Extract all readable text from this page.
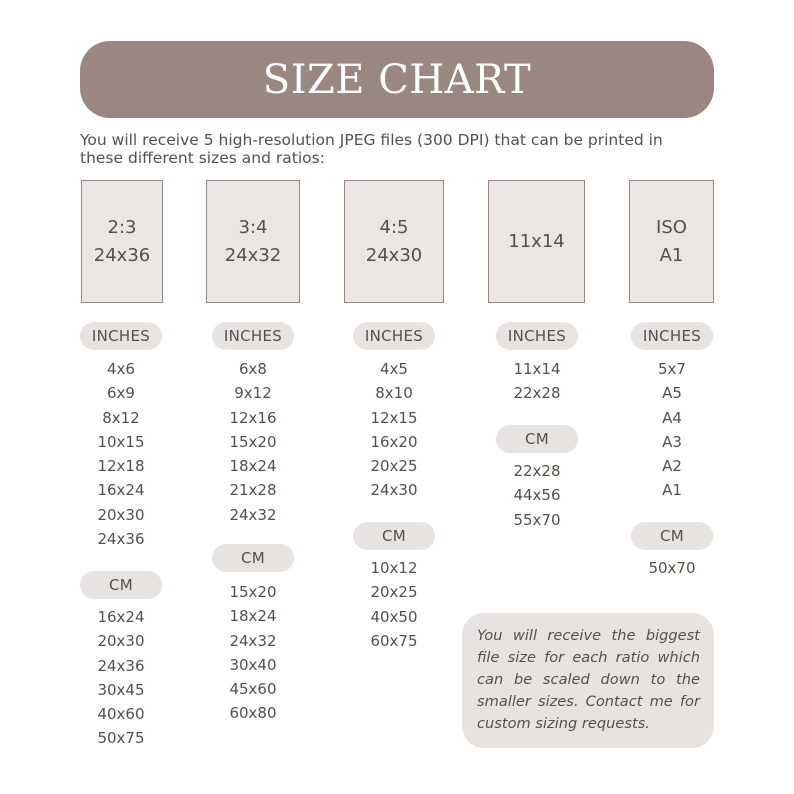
SIZE CHART
You will receive 5 high-resolution JPEG files (300 DPI) that can be printed in
these different sizes and ratios:
2:3
24x36
INCHES
4x6
6x9
8x12
10x15
12x18
16x24
20x30
24x36
CM
16x24
20x30
24x36
30x45
40x60
50x75
3:4
24x32
INCHES
6x8
9x12
12x16
15x20
18x24
21x28
24x32
CM
15x20
18x24
24x32
30x40
45x60
60x80
4:5
24x30
INCHES
4x5
8x10
12x15
16x20
20x25
24x30
CM
10x12
20x25
40x50
60x75
11x14
INCHES
11x14
22x28
CM
22x28
44x56
55x70
ISO
A1
INCHES
5x7
A5
A4
A3
A2
A1
CM
50x70
You will receive the biggest file size for each ratio which can be scaled down to the smaller sizes. Contact me for custom sizing requests.
